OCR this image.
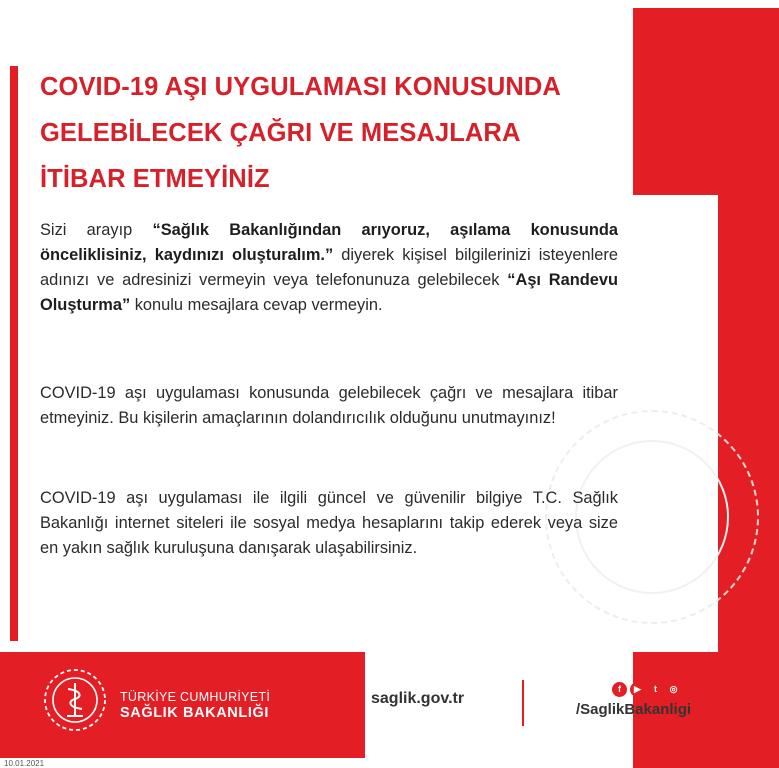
COVID-19 AŞI UYGULAMASI KONUSUNDA
GELEBİLECEK ÇAĞRI VE MESAJLARA
İTİBAR ETMEYİNİZ

Sizi arayıp “Sağlık Bakanlığından arıyoruz, aşılama konusunda önceliklisiniz, kaydınızı oluşturalım.” diyerek kişisel bilgilerinizi isteyenlere adınızı ve adresinizi vermeyin veya telefonunuza gelebilecek “Aşı Randevu Oluşturma” konulu mesajlara cevap vermeyin.

COVID-19 aşı uygulaması konusunda gelebilecek çağrı ve mesajlara itibar etmeyiniz. Bu kişilerin amaçlarının dolandırıcılık olduğunu unutmayınız!

COVID-19 aşı uygulaması ile ilgili güncel ve güvenilir bilgiye T.C. Sağlık Bakanlığı internet siteleri ile sosyal medya hesaplarını takip ederek veya size en yakın sağlık kuruluşuna danışarak ulaşabilirsiniz.

TÜRKİYE CUMHURİYETİ
SAĞLIK BAKANLIĞI
saglik.gov.tr
f	▶	t	◎
/SaglikBakanligi
10.01.2021
